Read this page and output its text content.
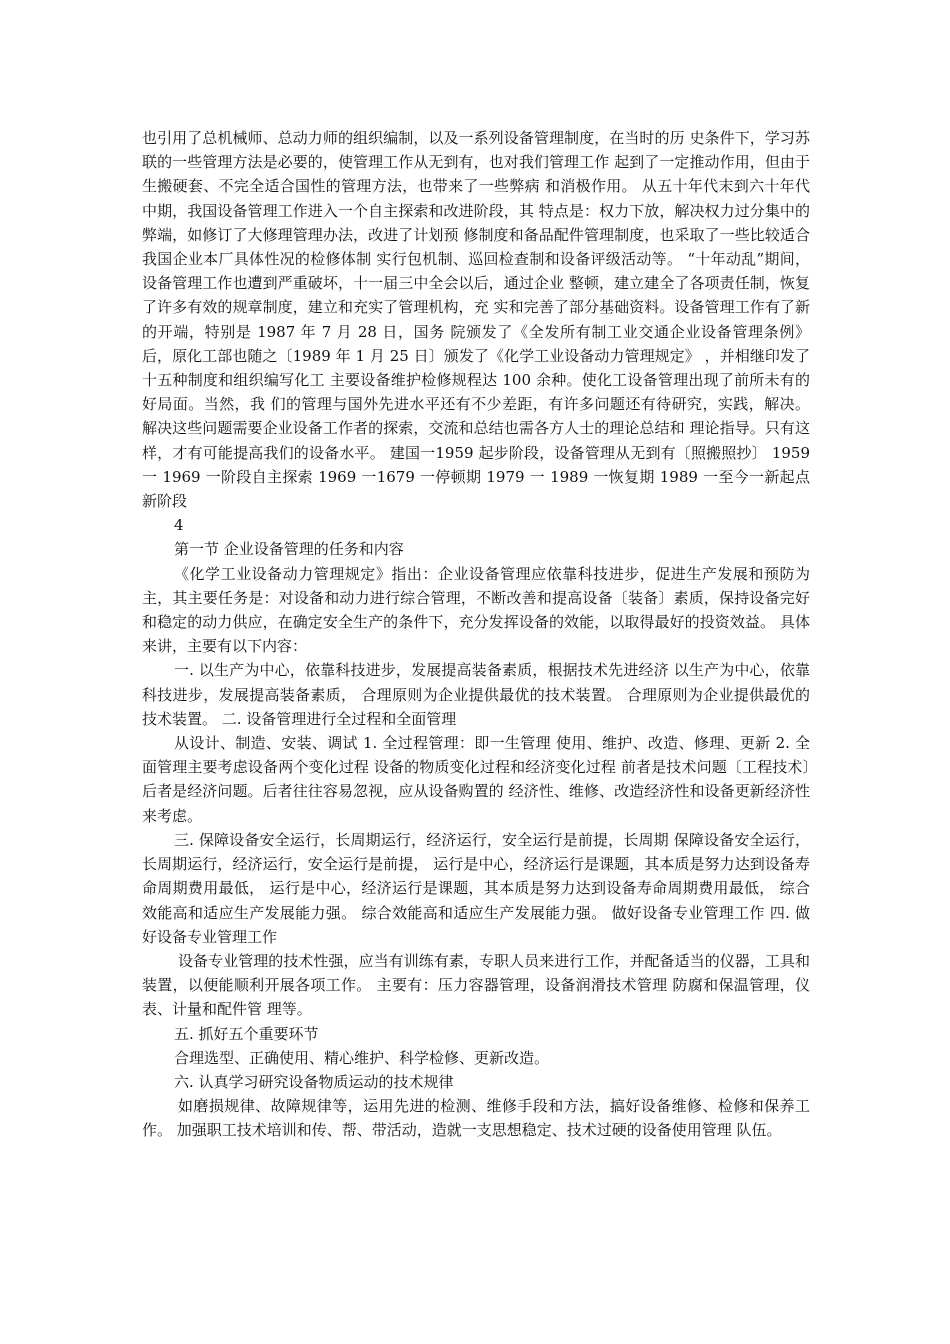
也引用了总机械师、总动力师的组织编制，以及一系列设备管理制度，在当时的历 史条件下，学习苏联的一些管理方法是必要的，使管理工作从无到有，也对我们管理工作 起到了一定推动作用，但由于生搬硬套、不完全适合国性的管理方法，也带来了一些弊病 和消极作用。 从五十年代末到六十年代中期，我国设备管理工作进入一个自主探索和改进阶段，其 特点是：权力下放，解决权力过分集中的弊端，如修订了大修理管理办法，改进了计划预 修制度和备品配件管理制度，也采取了一些比较适合我国企业本厂具体性况的检修体制 实行包机制、巡回检查制和设备评级活动等。 “十年动乱”期间，设备管理工作也遭到严重破坏，十一届三中全会以后，通过企业 整顿，建立建全了各项责任制，恢复了许多有效的规章制度，建立和充实了管理机构，充 实和完善了部分基础资料。设备管理工作有了新的开端，特别是 1987 年 7 月 28 日，国务 院颁发了《全发所有制工业交通企业设备管理条例》后，原化工部也随之〔1989 年 1 月 25 日〕颁发了《化学工业设备动力管理规定》 ，并相继印发了十五种制度和组织编写化工 主要设备维护检修规程达 100 余种。使化工设备管理出现了前所未有的好局面。当然，我 们的管理与国外先进水平还有不少差距，有许多问题还有待研究，实践，解决。 解决这些问题需要企业设备工作者的探索，交流和总结也需各方人士的理论总结和 理论指导。只有这样，才有可能提高我们的设备水平。 建国一1959 起步阶段，设备管理从无到有〔照搬照抄〕 1959 一 1969 一阶段自主探索 1969 一1679 一停顿期 1979 一 1989 一恢复期 1989 一至今一新起点新阶段

4

第一节 企业设备管理的任务和内容

《化学工业设备动力管理规定》指出：企业设备管理应依靠科技进步，促进生产发展和预防为主，其主要任务是：对设备和动力进行综合管理，不断改善和提高设备〔装备〕素质，保持设备完好和稳定的动力供应，在确定安全生产的条件下，充分发挥设备的效能，以取得最好的投资效益。 具体来讲，主要有以下内容：

一. 以生产为中心，依靠科技进步，发展提高装备素质，根据技术先进经济 以生产为中心，依靠科技进步，发展提高装备素质， 合理原则为企业提供最优的技术装置。 合理原则为企业提供最优的技术装置。 二. 设备管理进行全过程和全面管理

从设计、制造、安装、调试 1. 全过程管理：即一生管理 使用、维护、改造、修理、更新 2. 全面管理主要考虑设备两个变化过程 设备的物质变化过程和经济变化过程 前者是技术问题〔工程技术〕后者是经济问题。后者往往容易忽视，应从设备购置的 经济性、维修、改造经济性和设备更新经济性来考虑。

三. 保障设备安全运行，长周期运行，经济运行，安全运行是前提，长周期 保障设备安全运行，长周期运行，经济运行，安全运行是前提， 运行是中心，经济运行是课题，其本质是努力达到设备寿命周期费用最低， 运行是中心，经济运行是课题，其本质是努力达到设备寿命周期费用最低， 综合效能高和适应生产发展能力强。 综合效能高和适应生产发展能力强。 做好设备专业管理工作 四. 做好设备专业管理工作

设备专业管理的技术性强，应当有训练有素，专职人员来进行工作，并配备适当的仪器，工具和装置，以便能顺利开展各项工作。 主要有：压力容器管理，设备润滑技术管理 防腐和保温管理，仪表、计量和配件管 理等。

五. 抓好五个重要环节

合理选型、正确使用、精心维护、科学检修、更新改造。

六. 认真学习研究设备物质运动的技术规律

如磨损规律、故障规律等，运用先进的检测、维修手段和方法，搞好设备维修、检修和保养工作。 加强职工技术培训和传、帮、带活动，造就一支思想稳定、技术过硬的设备使用管理 队伍。
